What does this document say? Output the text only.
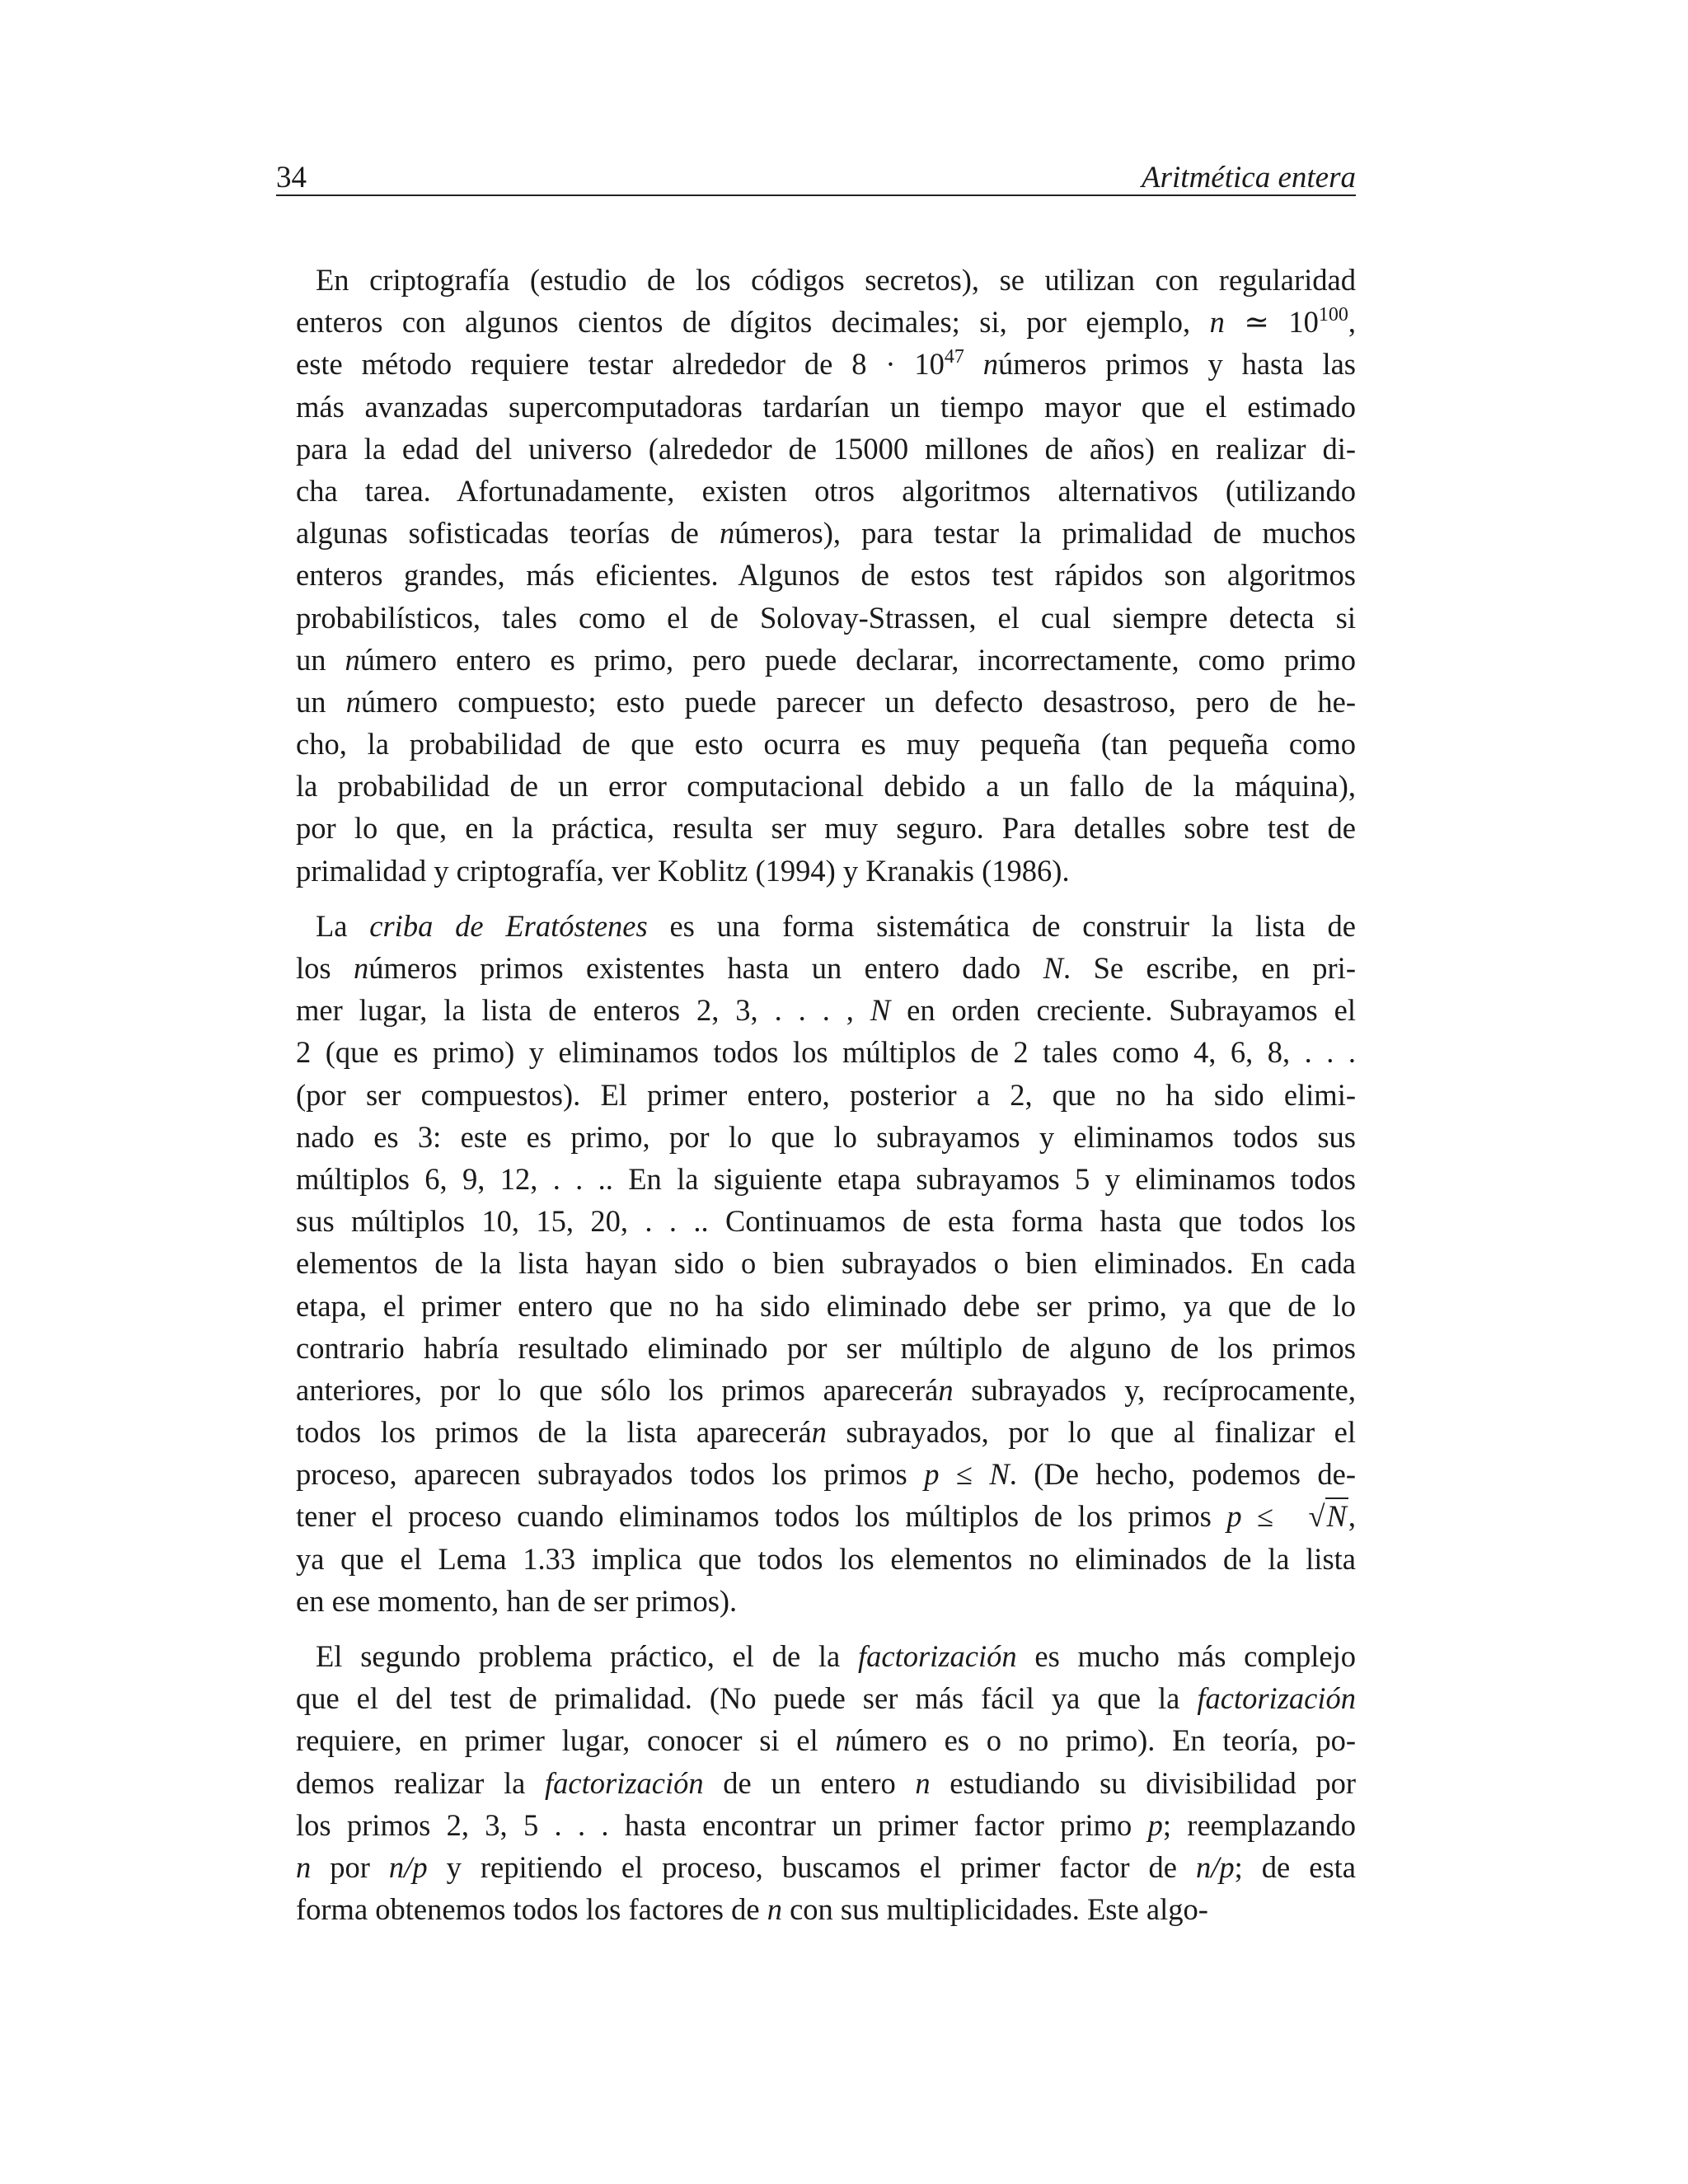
34	Aritmética entera
En criptografía (estudio de los códigos secretos), se utilizan con regularidad
enteros con algunos cientos de dígitos decimales; si, por ejemplo, n ≃ $10^{100}$,
este método requiere testar alrededor de $8 \cdot 10^{47}$ números primos y hasta las
más avanzadas supercomputadoras tardarían un tiempo mayor que el estimado
para la edad del universo (alrededor de 15000 millones de años) en realizar di-
cha tarea. Afortunadamente, existen otros algoritmos alternativos (utilizando
algunas sofisticadas teorías de números), para testar la primalidad de muchos
enteros grandes, más eficientes. Algunos de estos test rápidos son algoritmos
probabilísticos, tales como el de Solovay-Strassen, el cual siempre detecta si
un número entero es primo, pero puede declarar, incorrectamente, como primo
un número compuesto; esto puede parecer un defecto desastroso, pero de he-
cho, la probabilidad de que esto ocurra es muy pequeña (tan pequeña como
la probabilidad de un error computacional debido a un fallo de la máquina),
por lo que, en la práctica, resulta ser muy seguro. Para detalles sobre test de
primalidad y criptografía, ver Koblitz (1994) y Kranakis (1986).
La criba de Eratóstenes es una forma sistemática de construir la lista de
los números primos existentes hasta un entero dado N. Se escribe, en pri-
mer lugar, la lista de enteros 2, 3, . . . , N en orden creciente. Subrayamos el
2 (que es primo) y eliminamos todos los múltiplos de 2 tales como 4, 6, 8, . . .
(por ser compuestos). El primer entero, posterior a 2, que no ha sido elimi-
nado es 3: este es primo, por lo que lo subrayamos y eliminamos todos sus
múltiplos 6, 9, 12, . . .. En la siguiente etapa subrayamos 5 y eliminamos todos
sus múltiplos 10, 15, 20, . . .. Continuamos de esta forma hasta que todos los
elementos de la lista hayan sido o bien subrayados o bien eliminados. En cada
etapa, el primer entero que no ha sido eliminado debe ser primo, ya que de lo
contrario habría resultado eliminado por ser múltiplo de alguno de los primos
anteriores, por lo que sólo los primos aparecerán subrayados y, recíprocamente,
todos los primos de la lista aparecerán subrayados, por lo que al finalizar el
proceso, aparecen subrayados todos los primos p ≤ N. (De hecho, podemos de-
tener el proceso cuando eliminamos todos los múltiplos de los primos p ≤ √N,
ya que el Lema 1.33 implica que todos los elementos no eliminados de la lista
en ese momento, han de ser primos).
El segundo problema práctico, el de la factorización es mucho más complejo
que el del test de primalidad. (No puede ser más fácil ya que la factorización
requiere, en primer lugar, conocer si el número es o no primo). En teoría, po-
demos realizar la factorización de un entero n estudiando su divisibilidad por
los primos 2, 3, 5 . . . hasta encontrar un primer factor primo p; reemplazando
n por n/p y repitiendo el proceso, buscamos el primer factor de n/p; de esta
forma obtenemos todos los factores de n con sus multiplicidades. Este algo-
